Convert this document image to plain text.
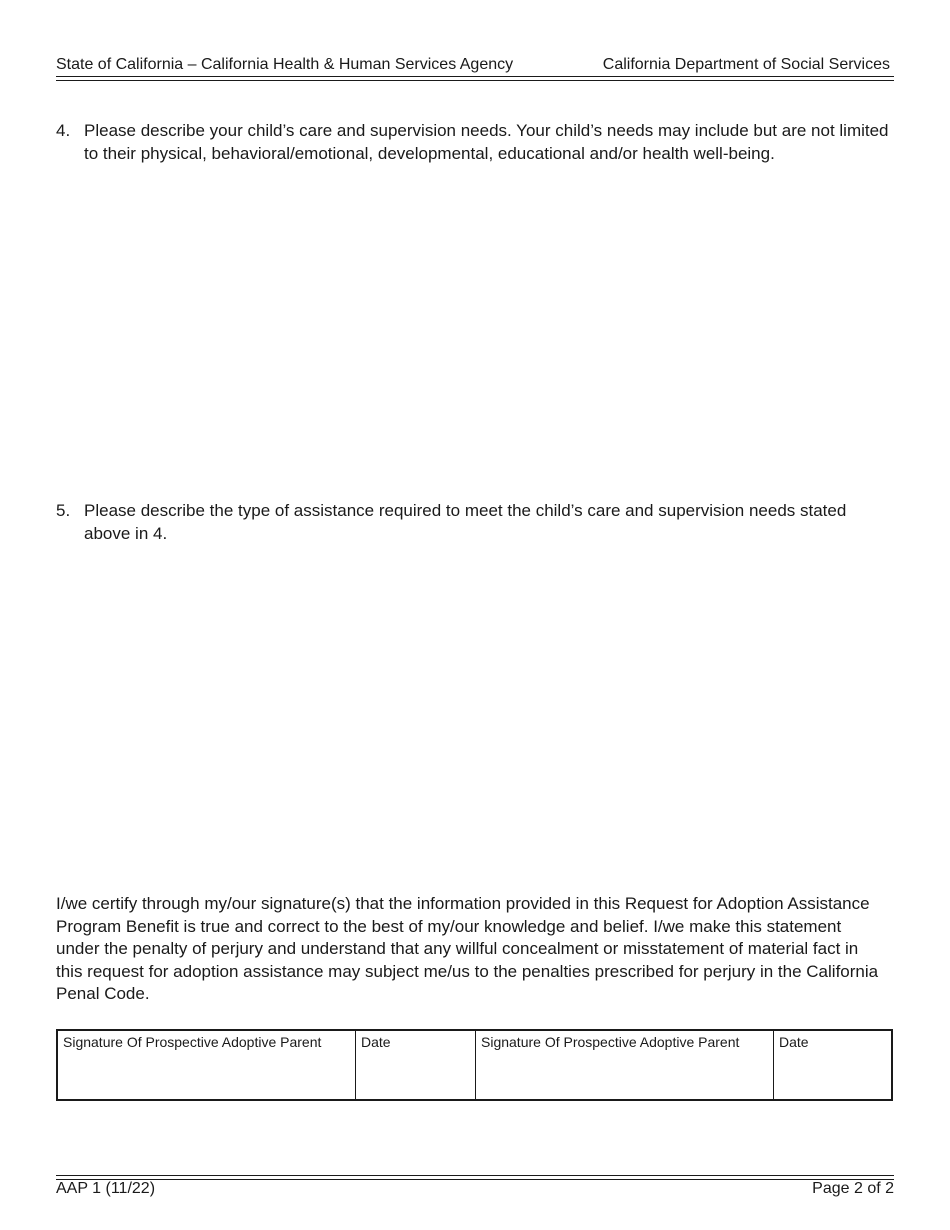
State of California – California Health & Human Services Agency	California Department of Social Services
4. Please describe your child’s care and supervision needs. Your child’s needs may include but are not limited to their physical, behavioral/emotional, developmental, educational and/or health well-being.
5. Please describe the type of assistance required to meet the child’s care and supervision needs stated above in 4.
I/we certify through my/our signature(s) that the information provided in this Request for Adoption Assistance Program Benefit is true and correct to the best of my/our knowledge and belief. I/we make this statement under the penalty of perjury and understand that any willful concealment or misstatement of material fact in this request for adoption assistance may subject me/us to the penalties prescribed for perjury in the California Penal Code.
Signature Of Prospective Adoptive Parent	Date	Signature Of Prospective Adoptive Parent	Date
AAP 1 (11/22)	Page 2 of 2
